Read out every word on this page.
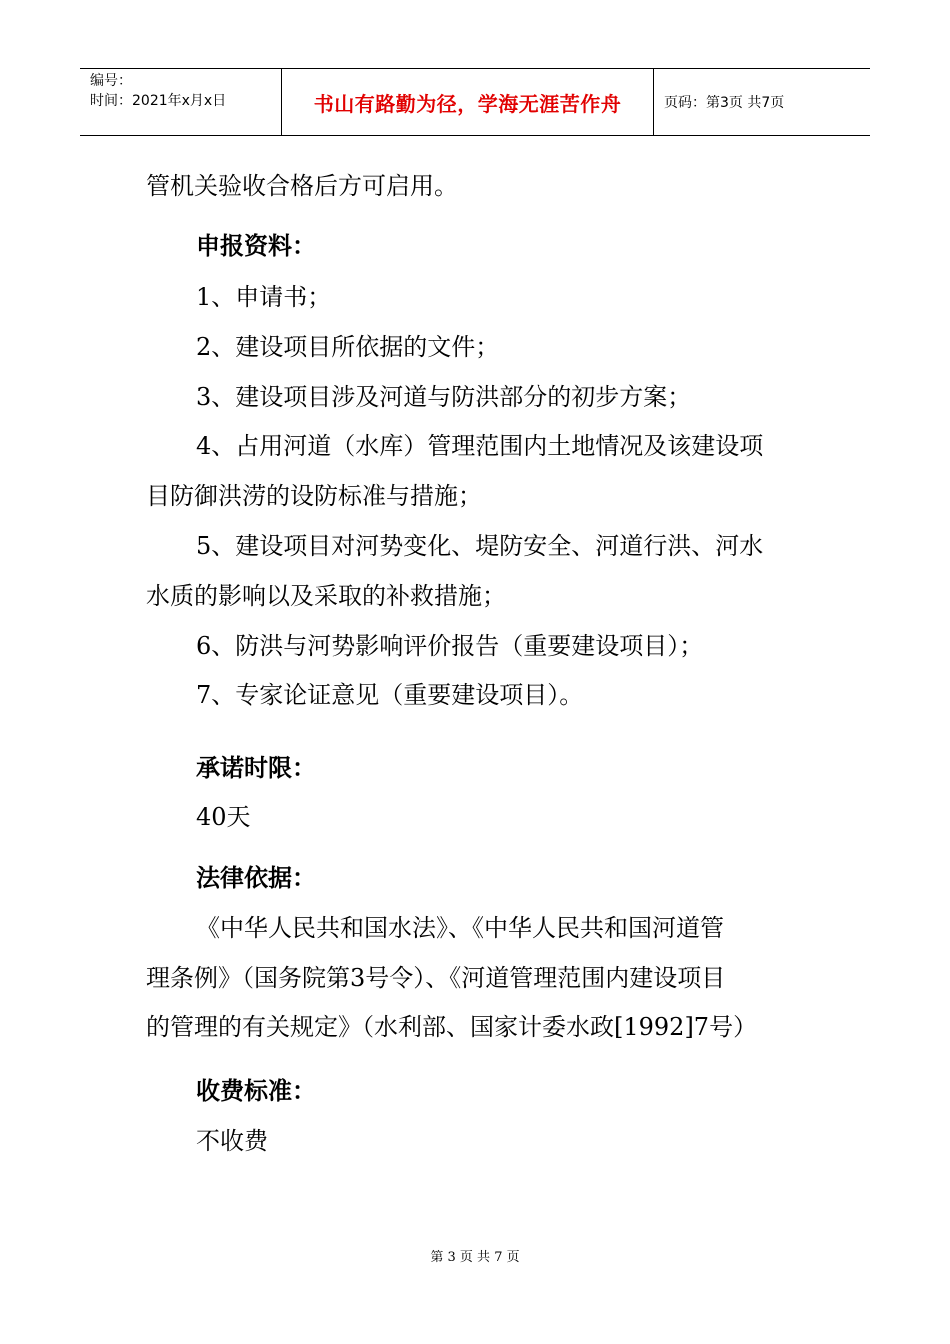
编号：
时间：2021年x月x日	书山有路勤为径，学海无涯苦作舟	页码：第3页 共7页
管机关验收合格后方可启用。
申报资料：
1、申请书；
2、建设项目所依据的文件；
3、建设项目涉及河道与防洪部分的初步方案；
4、占用河道（水库）管理范围内土地情况及该建设项
目防御洪涝的设防标准与措施；
5、建设项目对河势变化、堤防安全、河道行洪、河水
水质的影响以及采取的补救措施；
6、防洪与河势影响评价报告（重要建设项目）；
7、专家论证意见（重要建设项目）。
承诺时限：
40天
法律依据：
《中华人民共和国水法》、《中华人民共和国河道管
理条例》（国务院第3号令）、《河道管理范围内建设项目
的管理的有关规定》（水利部、国家计委水政[1992]7号）
收费标准：
不收费
第 3 页 共 7 页
